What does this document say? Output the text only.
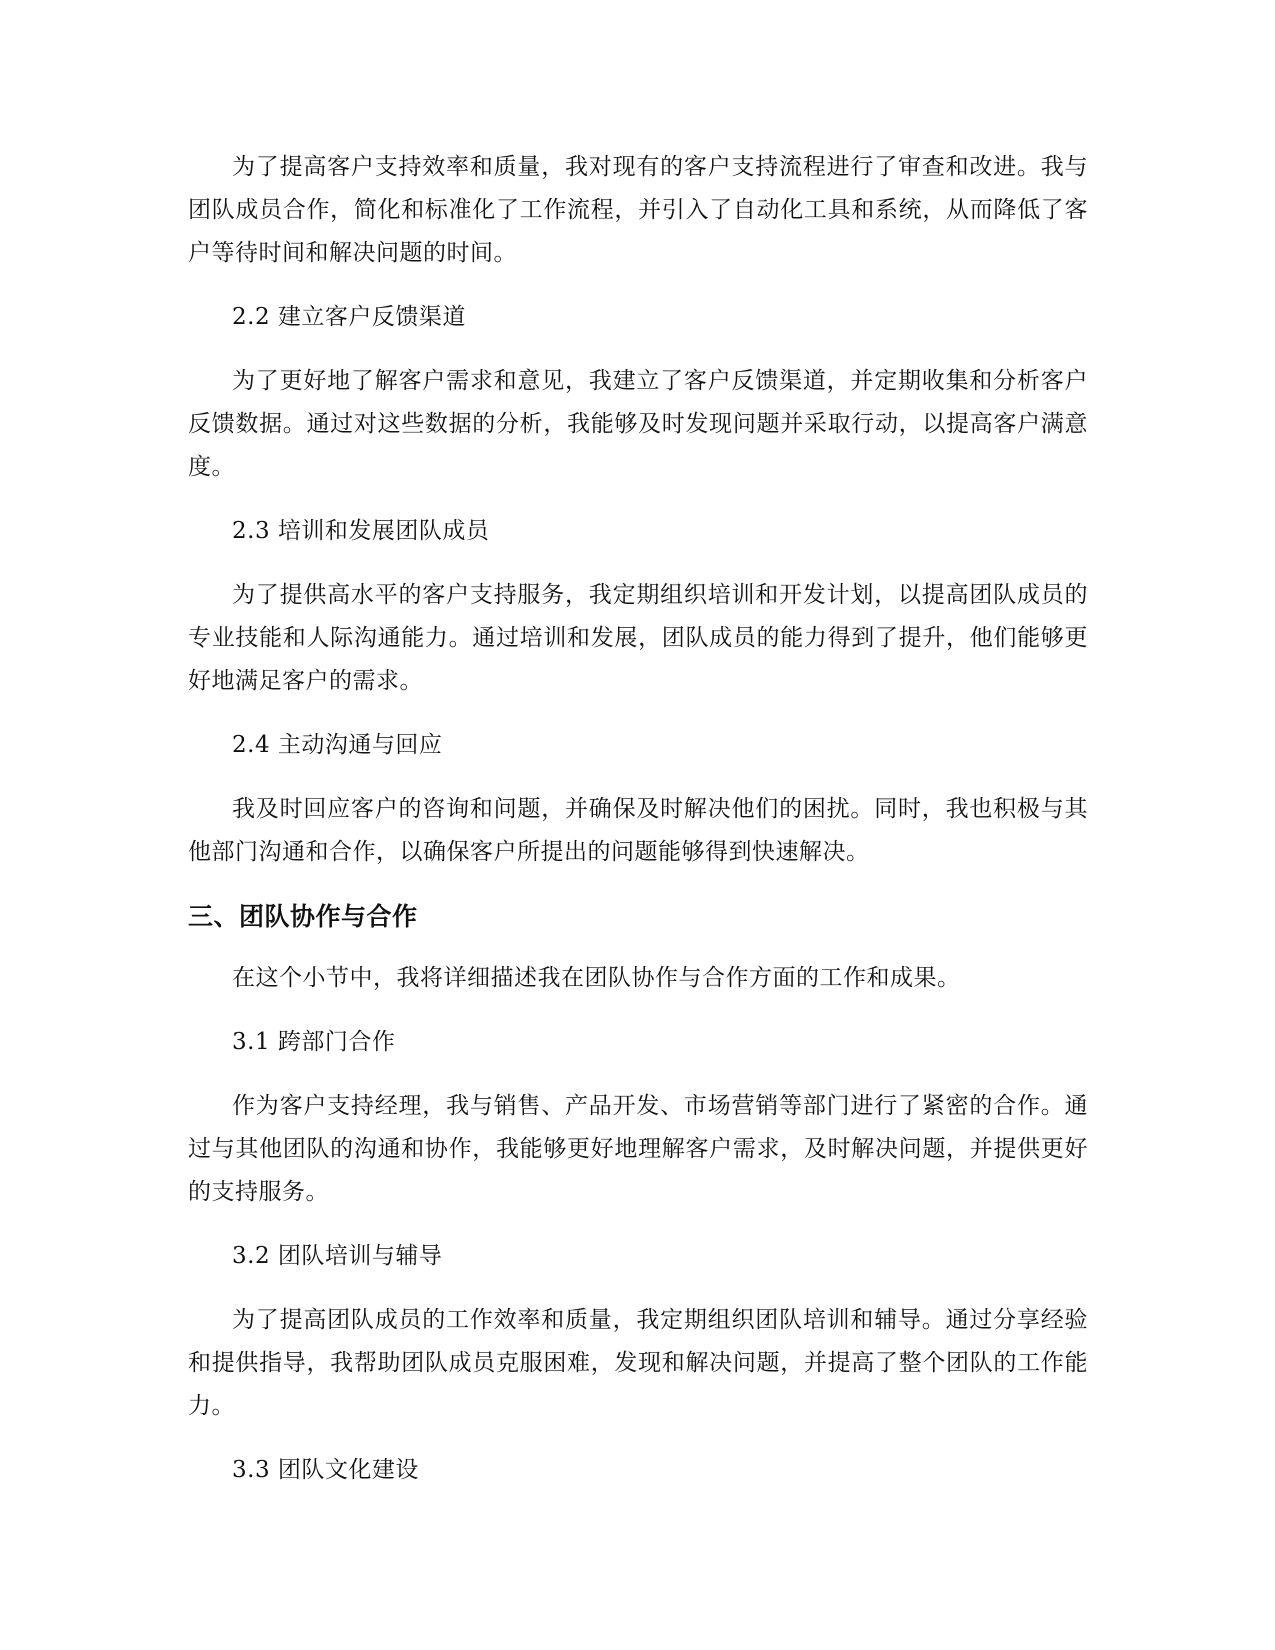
为了提高客户支持效率和质量，我对现有的客户支持流程进行了审查和改进。我与团队成员合作，简化和标准化了工作流程，并引入了自动化工具和系统，从而降低了客户等待时间和解决问题的时间。

2.2 建立客户反馈渠道

为了更好地了解客户需求和意见，我建立了客户反馈渠道，并定期收集和分析客户反馈数据。通过对这些数据的分析，我能够及时发现问题并采取行动，以提高客户满意度。

2.3 培训和发展团队成员

为了提供高水平的客户支持服务，我定期组织培训和开发计划，以提高团队成员的专业技能和人际沟通能力。通过培训和发展，团队成员的能力得到了提升，他们能够更好地满足客户的需求。

2.4 主动沟通与回应

我及时回应客户的咨询和问题，并确保及时解决他们的困扰。同时，我也积极与其他部门沟通和合作，以确保客户所提出的问题能够得到快速解决。

三、团队协作与合作

在这个小节中，我将详细描述我在团队协作与合作方面的工作和成果。

3.1 跨部门合作

作为客户支持经理，我与销售、产品开发、市场营销等部门进行了紧密的合作。通过与其他团队的沟通和协作，我能够更好地理解客户需求，及时解决问题，并提供更好的支持服务。

3.2 团队培训与辅导

为了提高团队成员的工作效率和质量，我定期组织团队培训和辅导。通过分享经验和提供指导，我帮助团队成员克服困难，发现和解决问题，并提高了整个团队的工作能力。

3.3 团队文化建设
